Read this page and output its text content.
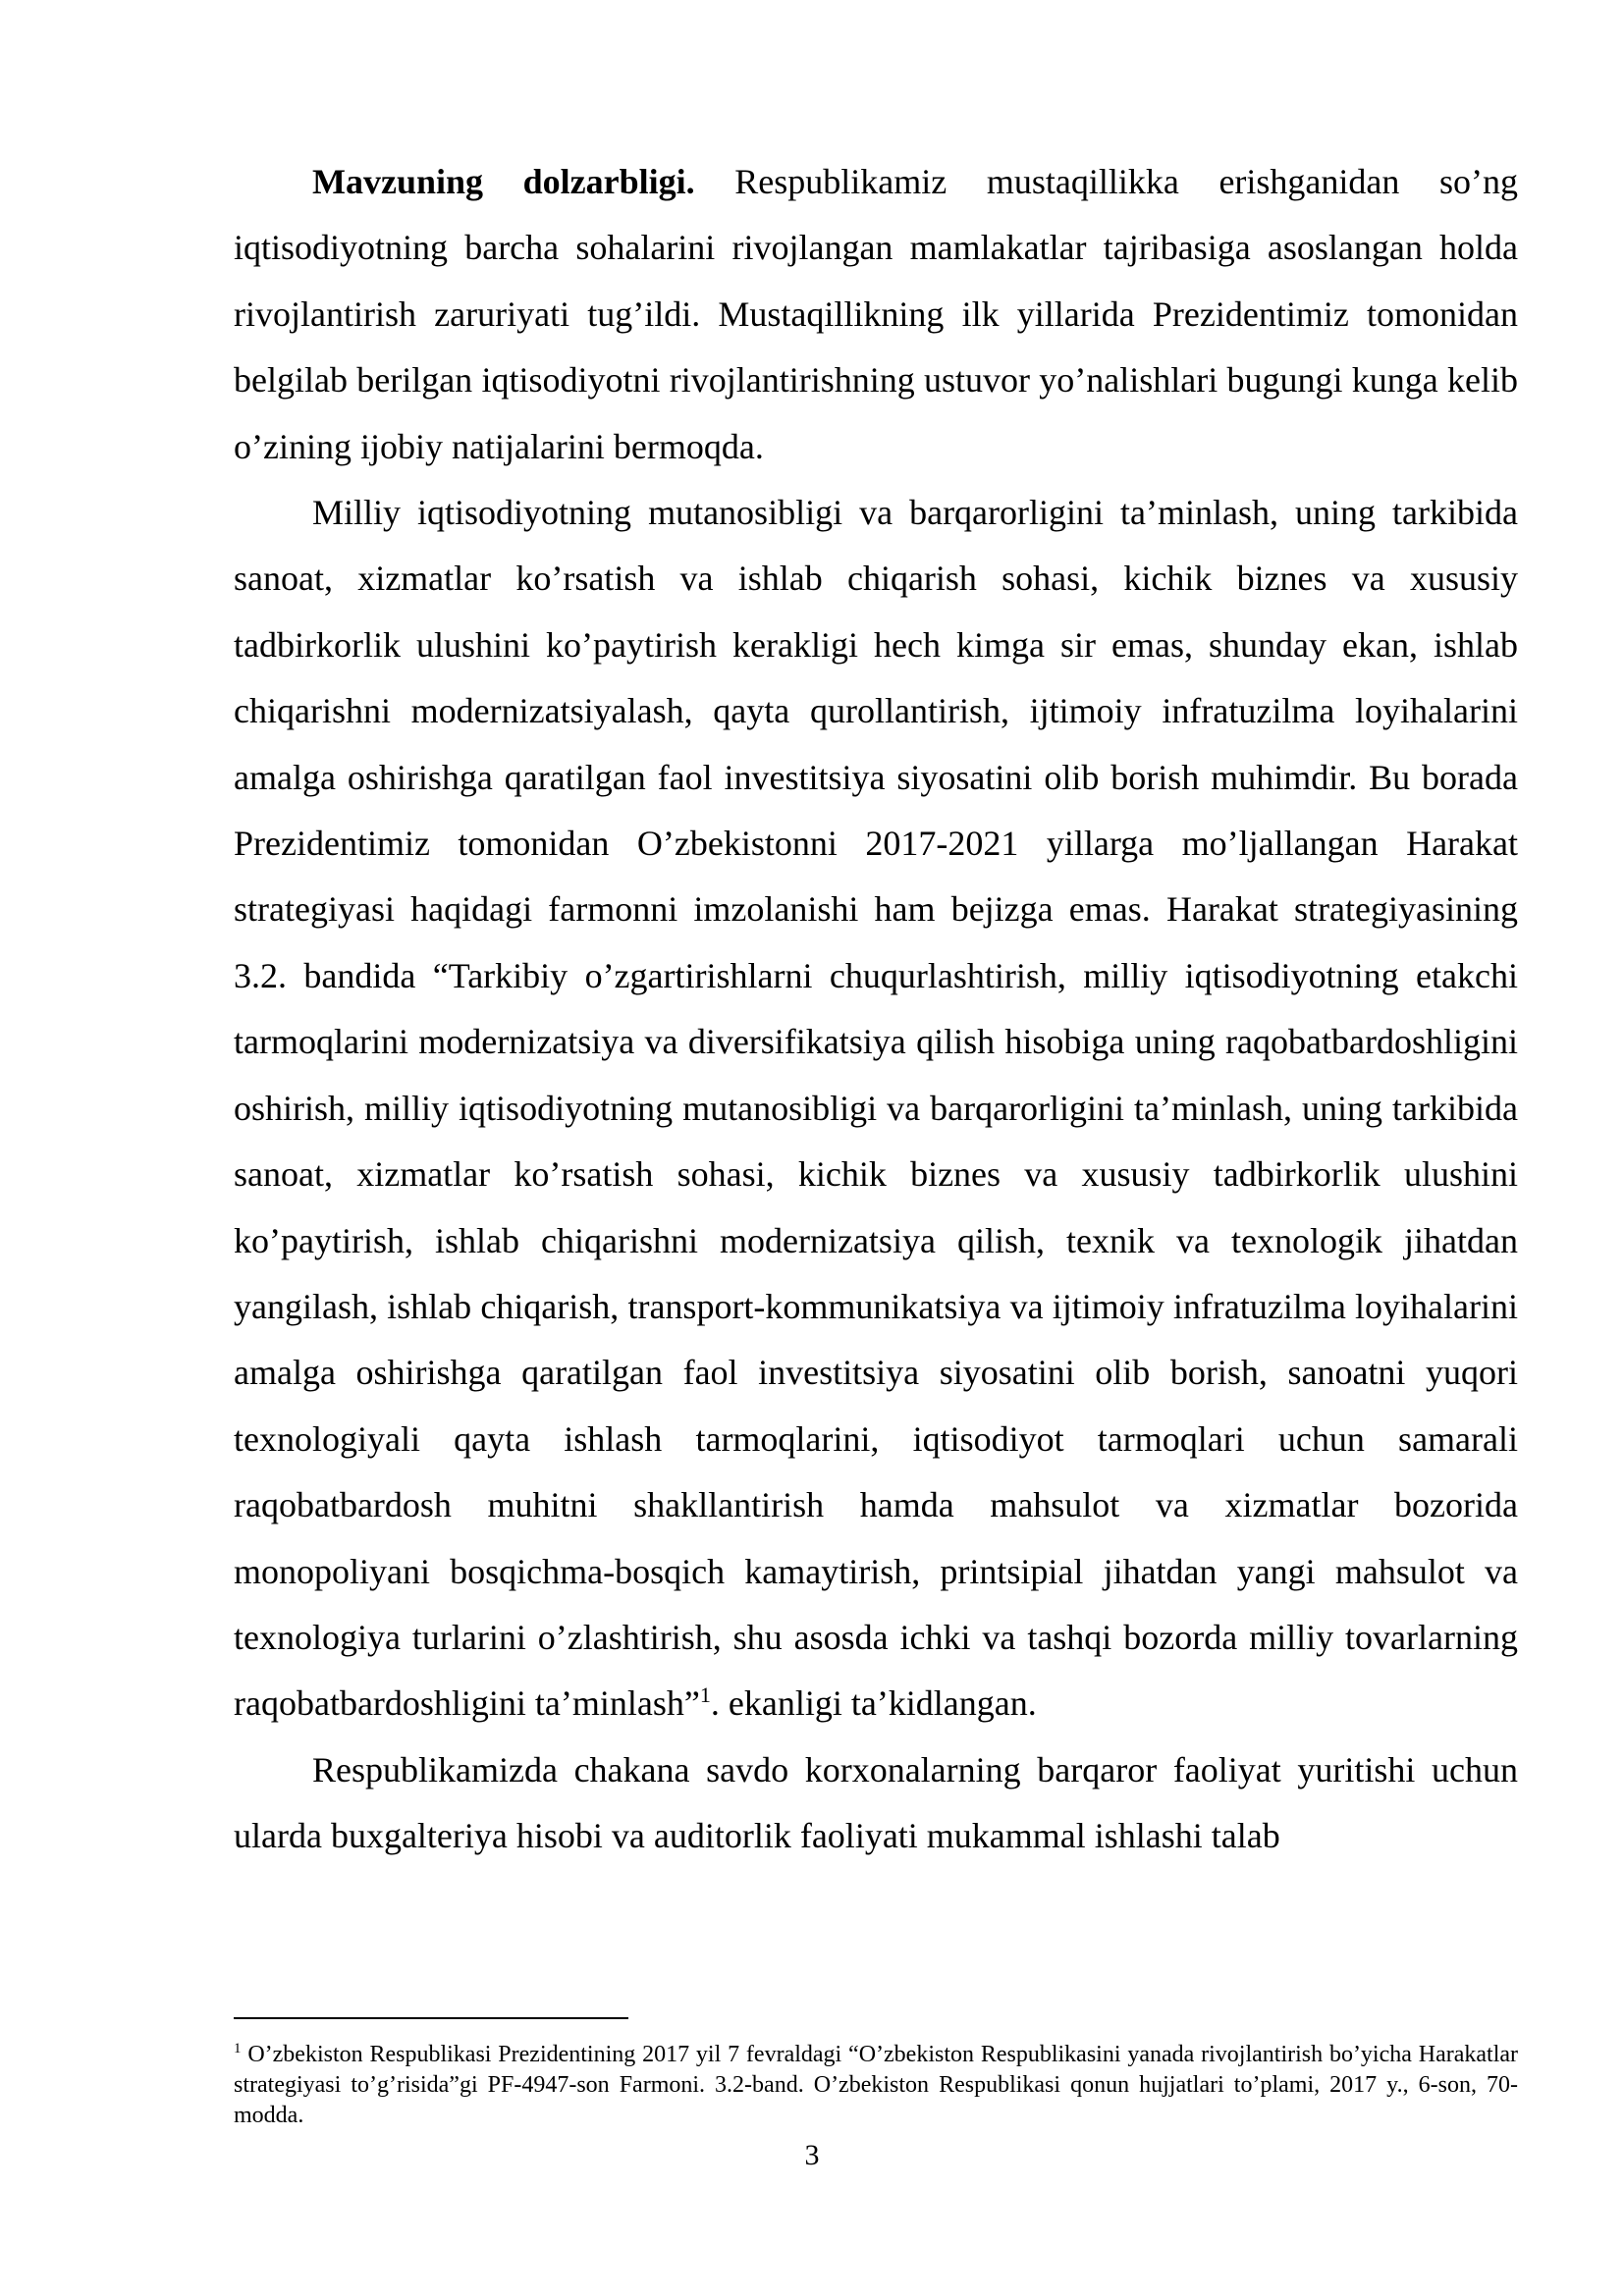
Mavzuning dolzarbligi. Respublikamiz mustaqillikka erishganidan so’ng iqtisodiyotning barcha sohalarini rivojlangan mamlakatlar tajribasiga asoslangan holda rivojlantirish zaruriyati tug’ildi. Mustaqillikning ilk yillarida Prezidentimiz tomonidan belgilab berilgan iqtisodiyotni rivojlantirishning ustuvor yo’nalishlari bugungi kunga kelib o’zining ijobiy natijalarini bermoqda.

Milliy iqtisodiyotning mutanosibligi va barqarorligini ta’minlash, uning tarkibida sanoat, xizmatlar ko’rsatish va ishlab chiqarish sohasi, kichik biznes va xususiy tadbirkorlik ulushini ko’paytirish kerakligi hech kimga sir emas, shunday ekan, ishlab chiqarishni modernizatsiyalash, qayta qurollantirish, ijtimoiy infratuzilma loyihalarini amalga oshirishga qaratilgan faol investitsiya siyosatini olib borish muhimdir. Bu borada Prezidentimiz tomonidan O’zbekistonni 2017-2021 yillarga mo’ljallangan Harakat strategiyasi haqidagi farmonni imzolanishi ham bejizga emas. Harakat strategiyasining 3.2. bandida “Tarkibiy o’zgartirishlarni chuqurlashtirish, milliy iqtisodiyotning etakchi tarmoqlarini modernizatsiya va diversifikatsiya qilish hisobiga uning raqobatbardoshligini oshirish, milliy iqtisodiyotning mutanosibligi va barqarorligini ta’minlash, uning tarkibida sanoat, xizmatlar ko’rsatish sohasi, kichik biznes va xususiy tadbirkorlik ulushini ko’paytirish, ishlab chiqarishni modernizatsiya qilish, texnik va texnologik jihatdan yangilash, ishlab chiqarish, transport-kommunikatsiya va ijtimoiy infratuzilma loyihalarini amalga oshirishga qaratilgan faol investitsiya siyosatini olib borish, sanoatni yuqori texnologiyali qayta ishlash tarmoqlarini, iqtisodiyot tarmoqlari uchun samarali raqobatbardosh muhitni shakllantirish hamda mahsulot va xizmatlar bozorida monopoliyani bosqichma-bosqich kamaytirish, printsipial jihatdan yangi mahsulot va texnologiya turlarini o’zlashtirish, shu asosda ichki va tashqi bozorda milliy tovarlarning raqobatbardoshligini ta’minlash”$^1$. ekanligi ta’kidlangan.

Respublikamizda chakana savdo korxonalarning barqaror faoliyat yuritishi uchun ularda buxgalteriya hisobi va auditorlik faoliyati mukammal ishlashi talab

$^1$ O’zbekiston Respublikasi Prezidentining 2017 yil 7 fevraldagi “O’zbekiston Respublikasini yanada rivojlantirish bo’yicha Harakatlar strategiyasi to’g’risida”gi PF-4947-son Farmoni. 3.2-band. O’zbekiston Respublikasi qonun hujjatlari to’plami, 2017 y., 6-son, 70-modda.

3
